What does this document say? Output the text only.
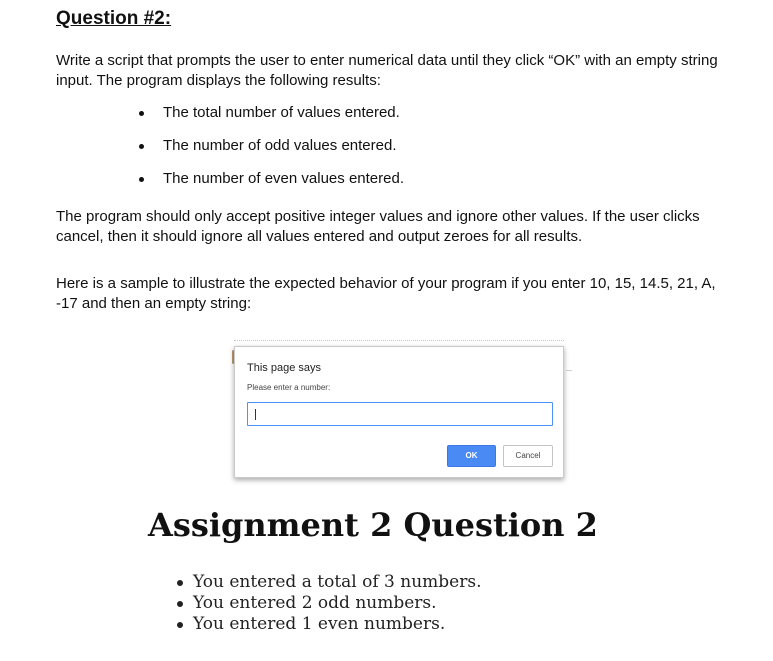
Question #2:

Write a script that prompts the user to enter numerical data until they click “OK” with an empty string input. The program displays the following results:

The total number of values entered.
The number of odd values entered.
The number of even values entered.

The program should only accept positive integer values and ignore other values. If the user clicks cancel, then it should ignore all values entered and output zeroes for all results.

Here is a sample to illustrate the expected behavior of your program if you enter 10, 15, 14.5, 21, A, -17 and then an empty string:

This page says
Please enter a number:
OK	Cancel
Assignment 2 Question 2
You entered a total of 3 numbers.
You entered 2 odd numbers.
You entered 1 even numbers.
